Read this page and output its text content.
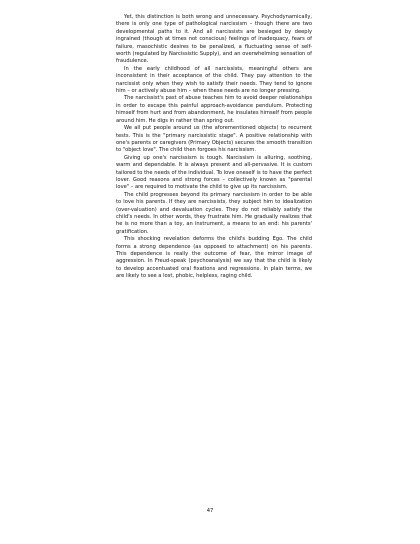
Yet, this distinction is both wrong and unnecessary. Psychodynamically, there is only one type of pathological narcissism – though there are two developmental paths to it. And all narcissists are besieged by deeply ingrained (though at times not conscious) feelings of inadequacy, fears of failure, masochistic desires to be penalized, a fluctuating sense of self-worth (regulated by Narcissistic Supply), and an overwhelming sensation of fraudulence.

In the early childhood of all narcissists, meaningful others are inconsistent in their acceptance of the child. They pay attention to the narcissist only when they wish to satisfy their needs. They tend to ignore him – or actively abuse him – when these needs are no longer pressing.

The narcissist's past of abuse teaches him to avoid deeper relationships in order to escape this painful approach-avoidance pendulum. Protecting himself from hurt and from abandonment, he insulates himself from people around him. He digs in rather than spring out.

We all put people around us (the aforementioned objects) to recurrent tests. This is the "primary narcissistic stage". A positive relationship with one's parents or caregivers (Primary Objects) secures the smooth transition to "object love". The child then forgoes his narcissism.

Giving up one's narcissism is tough. Narcissism is alluring, soothing, warm and dependable. It is always present and all-pervasive. It is custom tailored to the needs of the individual. To love oneself is to have the perfect lover. Good reasons and strong forces – collectively known as "parental love" – are required to motivate the child to give up its narcissism.

The child progresses beyond its primary narcissism in order to be able to love his parents. If they are narcissists, they subject him to idealization (over-valuation) and devaluation cycles. They do not reliably satisfy the child's needs. In other words, they frustrate him. He gradually realizes that he is no more than a toy, an instrument, a means to an end: his parents' gratification.

This shocking revelation deforms the child's budding Ego. The child forms a strong dependence (as opposed to attachment) on his parents. This dependence is really the outcome of fear, the mirror image of aggression. In Freud-speak (psychoanalysis) we say that the child is likely to develop accentuated oral fixations and regressions. In plain terms, we are likely to see a lost, phobic, helpless, raging child.

47
